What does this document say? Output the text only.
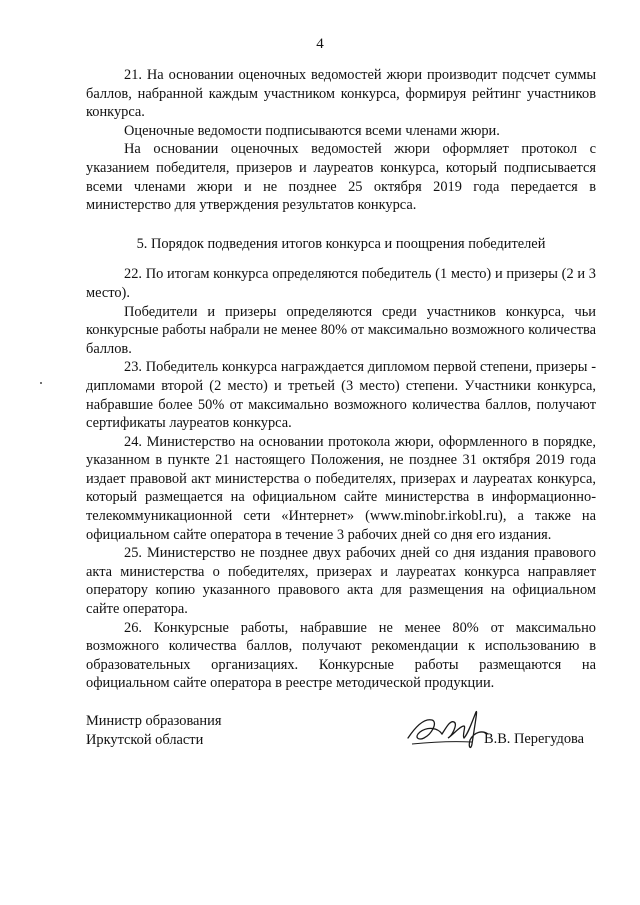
4

21. На основании оценочных ведомостей жюри производит подсчет суммы баллов, набранной каждым участником конкурса, формируя рейтинг участников конкурса.

Оценочные ведомости подписываются всеми членами жюри.

На основании оценочных ведомостей жюри оформляет протокол с указанием победителя, призеров и лауреатов конкурса, который подписывается всеми членами жюри и не позднее 25 октября 2019 года передается в министерство для утверждения результатов конкурса.

5. Порядок подведения итогов конкурса и поощрения победителей

22. По итогам конкурса определяются победитель (1 место) и призеры (2 и 3 место).

Победители и призеры определяются среди участников конкурса, чьи конкурсные работы набрали не менее 80% от максимально возможного количества баллов.

23. Победитель конкурса награждается дипломом первой степени, призеры - дипломами второй (2 место) и третьей (3 место) степени. Участники конкурса, набравшие более 50% от максимально возможного количества баллов, получают сертификаты лауреатов конкурса.

24. Министерство на основании протокола жюри, оформленного в порядке, указанном в пункте 21 настоящего Положения, не позднее 31 октября 2019 года издает правовой акт министерства о победителях, призерах и лауреатах конкурса, который размещается на официальном сайте министерства в информационно-телекоммуникационной сети «Интернет» (www.minobr.irkobl.ru), а также на официальном сайте оператора в течение 3 рабочих дней со дня его издания.

25. Министерство не позднее двух рабочих дней со дня издания правового акта министерства о победителях, призерах и лауреатах конкурса направляет оператору копию указанного правового акта для размещения на официальном сайте оператора.

26. Конкурсные работы, набравшие не менее 80% от максимально возможного количества баллов, получают рекомендации к использованию в образовательных организациях. Конкурсные работы размещаются на официальном сайте оператора в реестре методической продукции.

Министр образования
Иркутской области	В.В. Перегудова
